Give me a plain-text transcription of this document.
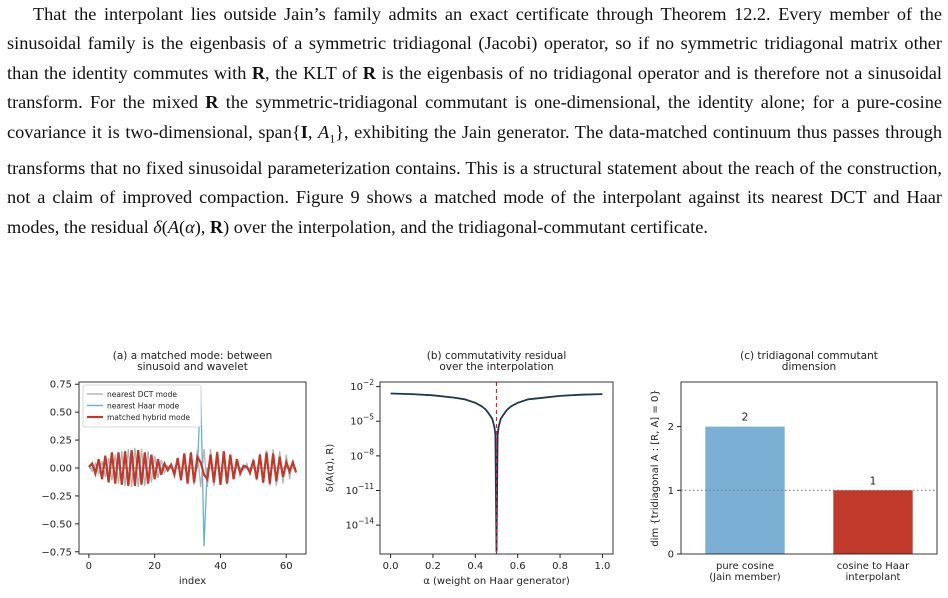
That the interpolant lies outside Jain’s family admits an exact certificate through Theorem 12.2. Every member of the sinusoidal family is the eigenbasis of a symmetric tridiagonal (Jacobi) operator, so if no symmetric tridiagonal matrix other than the identity commutes with R, the KLT of R is the eigenbasis of no tridiagonal operator and is therefore not a sinusoidal transform. For the mixed R the symmetric-tridiagonal commutant is one-dimensional, the identity alone; for a pure-cosine covariance it is two-dimensional, span{I, $A_1$}, exhibiting the Jain generator. The data-matched continuum thus passes through transforms that no fixed sinusoidal parameterization contains. This is a structural statement about the reach of the construction, not a claim of improved compaction. Figure 9 shows a matched mode of the interpolant against its nearest DCT and Haar modes, the residual δ(A(α), R) over the interpolation, and the tridiagonal-commutant certificate.

(a) a matched mode: between
sinusoid and wavelet
0	20	40	60
0.75
0.50
0.25
0.00
−0.25
−0.50
−0.75
index
nearest DCT mode
nearest Haar mode
matched hybrid mode
(b) commutativity residual
over the interpolation
0.0	0.2	0.4	0.6	0.8	1.0
$10^{-2}$
$10^{-5}$
$10^{-8}$
$10^{-11}$
$10^{-14}$
α (weight on Haar generator)
δ(A(α), R)
(c) tridiagonal commutant
dimension
2
pure cosine
(Jain member)
1
cosine to Haar
interpolant
0
1
2
dim {tridiagonal A : [R, A] = 0}
